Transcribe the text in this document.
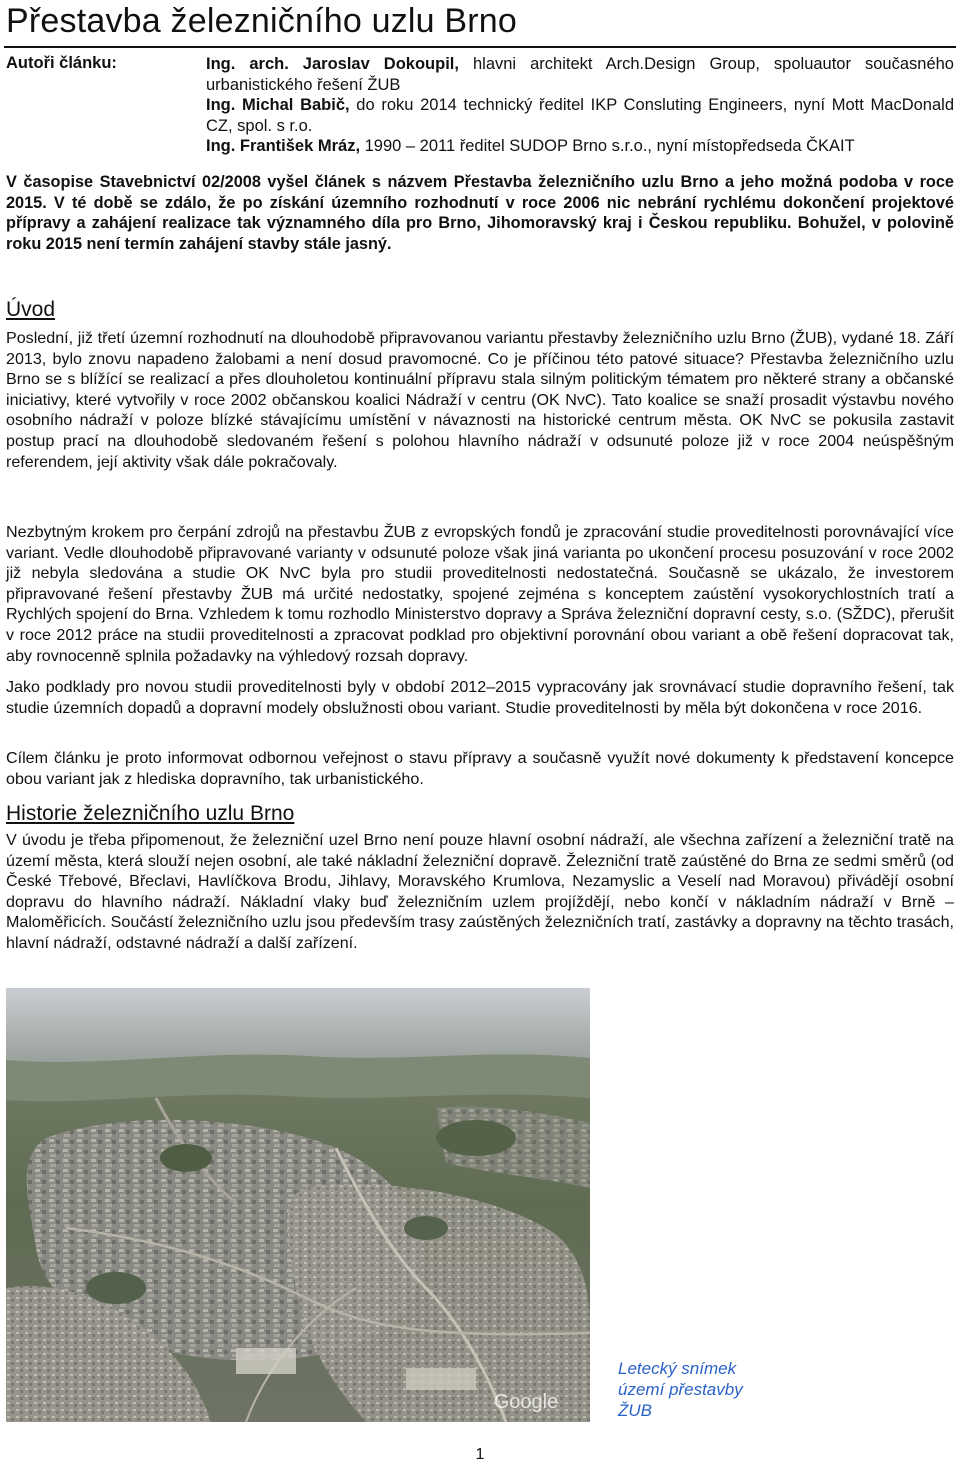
Přestavba železničního uzlu Brno
Autoři článku:	Ing. arch. Jaroslav Dokoupil, hlavni architekt Arch.Design Group, spoluautor současného urbanistického řešení ŽUB

Ing. Michal Babič, do roku 2014 technický ředitel IKP Consluting Engineers, nyní Mott MacDonald CZ, spol. s r.o.

Ing. František Mráz, 1990 – 2011 ředitel SUDOP Brno s.r.o., nyní místopředseda ČKAIT

V časopise Stavebnictví 02/2008 vyšel článek s názvem Přestavba železničního uzlu Brno a jeho možná podoba v roce 2015. V té době se zdálo, že po získání územního rozhodnutí v roce 2006 nic nebrání rychlému dokončení projektové přípravy a zahájení realizace tak významného díla pro Brno, Jihomoravský kraj i Českou republiku. Bohužel, v polovině roku 2015 není termín zahájení stavby stále jasný.

Úvod

Poslední, již třetí územní rozhodnutí na dlouhodobě připravovanou variantu přestavby železničního uzlu Brno (ŽUB), vydané 18. Září 2013, bylo znovu napadeno žalobami a není dosud pravomocné. Co je příčinou této patové situace? Přestavba železničního uzlu Brno se s blížící se realizací a přes dlouholetou kontinuální přípravu stala silným politickým tématem pro některé strany a občanské iniciativy, které vytvořily v roce 2002 občanskou koalici Nádraží v centru (OK NvC). Tato koalice se snaží prosadit výstavbu nového osobního nádraží v poloze blízké stávajícímu umístění v návaznosti na historické centrum města. OK NvC se pokusila zastavit postup prací na dlouhodobě sledovaném řešení s polohou hlavního nádraží v odsunuté poloze již v roce 2004 neúspěšným referendem, její aktivity však dále pokračovaly.

Nezbytným krokem pro čerpání zdrojů na přestavbu ŽUB z evropských fondů je zpracování studie proveditelnosti porovnávající více variant. Vedle dlouhodobě připravované varianty v odsunuté poloze však jiná varianta po ukončení procesu posuzování v roce 2002 již nebyla sledována a studie OK NvC byla pro studii proveditelnosti nedostatečná. Současně se ukázalo, že investorem připravované řešení přestavby ŽUB má určité nedostatky, spojené zejména s konceptem zaústění vysokorychlostních tratí a Rychlých spojení do Brna. Vzhledem k tomu rozhodlo Ministerstvo dopravy a Správa železniční dopravní cesty, s.o. (SŽDC), přerušit v roce 2012 práce na studii proveditelnosti a zpracovat podklad pro objektivní porovnání obou variant a obě řešení dopracovat tak, aby rovnocenně splnila požadavky na výhledový rozsah dopravy.

Jako podklady pro novou studii proveditelnosti byly v období 2012–2015 vypracovány jak srovnávací studie dopravního řešení, tak studie územních dopadů a dopravní modely obslužnosti obou variant. Studie proveditelnosti by měla být dokončena v roce 2016.

Cílem článku je proto informovat odbornou veřejnost o stavu přípravy a současně využít nové dokumenty k představení koncepce obou variant jak z hlediska dopravního, tak urbanistického.

Historie železničního uzlu Brno

V úvodu je třeba připomenout, že železniční uzel Brno není pouze hlavní osobní nádraží, ale všechna zařízení a železniční tratě na území města, která slouží nejen osobní, ale také nákladní železniční dopravě. Železniční tratě zaústěné do Brna ze sedmi směrů (od České Třebové, Břeclavi, Havlíčkova Brodu, Jihlavy, Moravského Krumlova, Nezamyslic a Veselí nad Moravou) přivádějí osobní dopravu do hlavního nádraží. Nákladní vlaky buď železničním uzlem projíždějí, nebo končí v nákladním nádraží v Brně – Maloměřicích. Součástí železničního uzlu jsou především trasy zaústěných železničních tratí, zastávky a dopravny na těchto trasách, hlavní nádraží, odstavné nádraží a další zařízení.

Google

Letecký snímek území přestavby ŽUB

1
